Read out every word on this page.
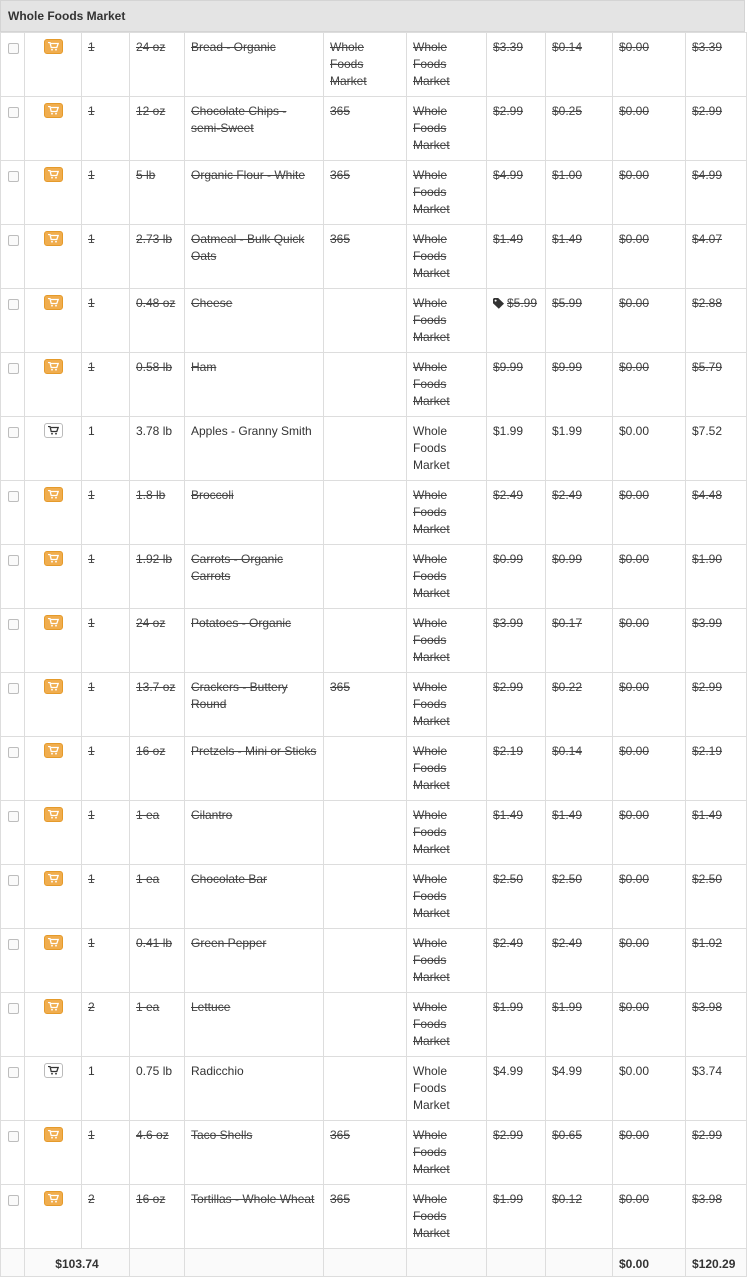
Whole Foods Market

	1	24 oz	Bread - Organic	Whole Foods Market	Whole Foods Market	$3.39	$0.14	$0.00	$3.39

	1	12 oz	Chocolate Chips - semi-Sweet	365	Whole Foods Market	$2.99	$0.25	$0.00	$2.99

	1	5 lb	Organic Flour - White	365	Whole Foods Market	$4.99	$1.00	$0.00	$4.99

	1	2.73 lb	Oatmeal - Bulk Quick Oats	365	Whole Foods Market	$1.49	$1.49	$0.00	$4.07

	1	0.48 oz	Cheese		Whole Foods Market	$5.99	$5.99	$0.00	$2.88

	1	0.58 lb	Ham		Whole Foods Market	$9.99	$9.99	$0.00	$5.79

	1	3.78 lb	Apples - Granny Smith		Whole Foods Market	$1.99	$1.99	$0.00	$7.52

	1	1.8 lb	Broccoli		Whole Foods Market	$2.49	$2.49	$0.00	$4.48

	1	1.92 lb	Carrots - Organic Carrots		Whole Foods Market	$0.99	$0.99	$0.00	$1.90

	1	24 oz	Potatoes - Organic		Whole Foods Market	$3.99	$0.17	$0.00	$3.99

	1	13.7 oz	Crackers - Buttery Round	365	Whole Foods Market	$2.99	$0.22	$0.00	$2.99

	1	16 oz	Pretzels - Mini or Sticks		Whole Foods Market	$2.19	$0.14	$0.00	$2.19

	1	1 ea	Cilantro		Whole Foods Market	$1.49	$1.49	$0.00	$1.49

	1	1 ea	Chocolate Bar		Whole Foods Market	$2.50	$2.50	$0.00	$2.50

	1	0.41 lb	Green Pepper		Whole Foods Market	$2.49	$2.49	$0.00	$1.02

	2	1 ea	Lettuce		Whole Foods Market	$1.99	$1.99	$0.00	$3.98

	1	0.75 lb	Radicchio		Whole Foods Market	$4.99	$4.99	$0.00	$3.74

	1	4.6 oz	Taco Shells	365	Whole Foods Market	$2.99	$0.65	$0.00	$2.99

	2	16 oz	Tortillas - Whole Wheat	365	Whole Foods Market	$1.99	$0.12	$0.00	$3.98
	$103.74								$0.00	$120.29
